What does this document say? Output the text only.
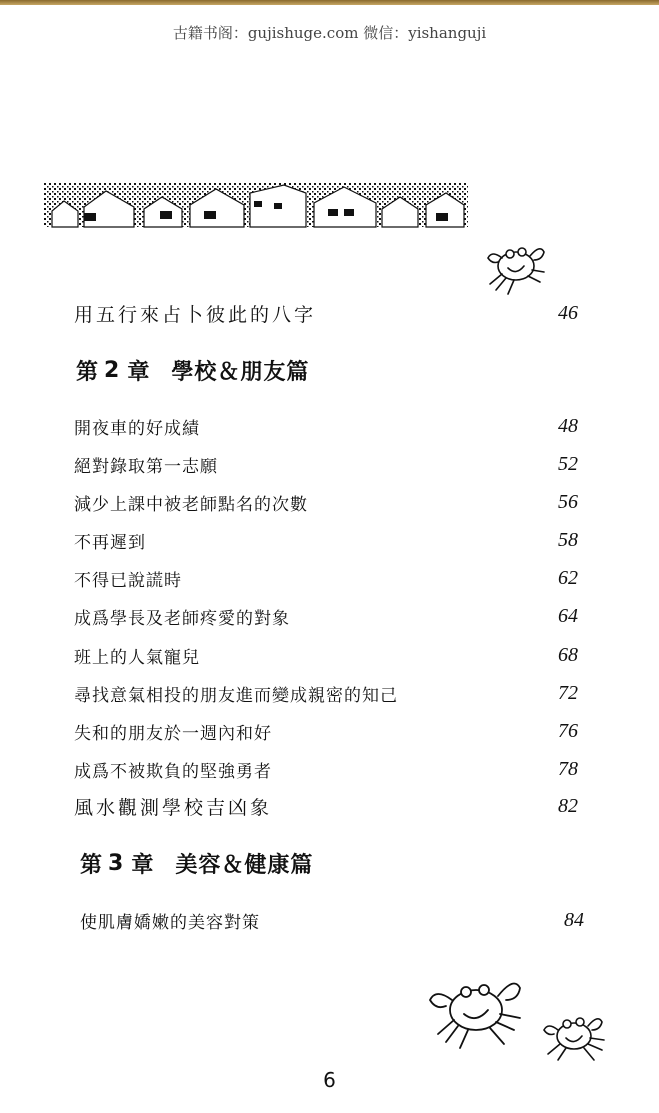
古籍书阁：gujishuge.com 微信：yishanguji
用五行來占卜彼此的八字	46
第 2 章 學校＆朋友篇
開夜車的好成績	48
絕對錄取第一志願	52
減少上課中被老師點名的次數	56
不再遲到	58
不得已說謊時	62
成爲學長及老師疼愛的對象	64
班上的人氣寵兒	68
尋找意氣相投的朋友進而變成親密的知己	72
失和的朋友於一週內和好	76
成爲不被欺負的堅強勇者	78
風水觀測學校吉凶象	82
第 3 章 美容＆健康篇
使肌膚嬌嫩的美容對策	84
6
